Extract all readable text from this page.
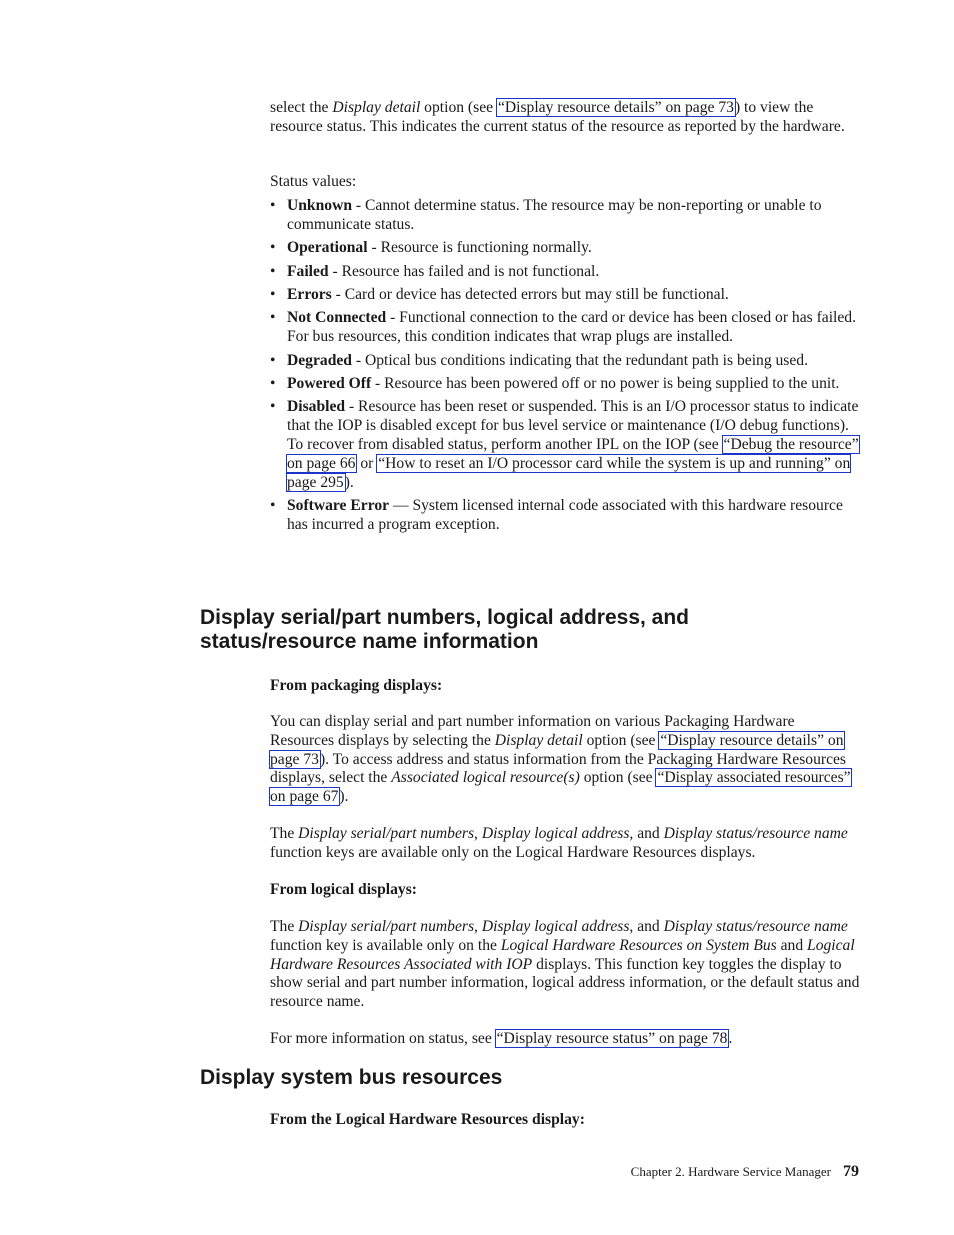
select the Display detail option (see “Display resource details” on page 73) to view the resource status. This indicates the current status of the resource as reported by the hardware.

Status values:

• Unknown - Cannot determine status. The resource may be non-reporting or unable to communicate status.
• Operational - Resource is functioning normally.
• Failed - Resource has failed and is not functional.
• Errors - Card or device has detected errors but may still be functional.
• Not Connected - Functional connection to the card or device has been closed or has failed. For bus resources, this condition indicates that wrap plugs are installed.
• Degraded - Optical bus conditions indicating that the redundant path is being used.
• Powered Off - Resource has been powered off or no power is being supplied to the unit.
• Disabled - Resource has been reset or suspended. This is an I/O processor status to indicate that the IOP is disabled except for bus level service or maintenance (I/O debug functions). To recover from disabled status, perform another IPL on the IOP (see “Debug the resource” on page 66 or “How to reset an I/O processor card while the system is up and running” on page 295).
• Software Error — System licensed internal code associated with this hardware resource has incurred a program exception.
Display serial/part numbers, logical address, and status/resource name information

From packaging displays:

You can display serial and part number information on various Packaging Hardware Resources displays by selecting the Display detail option (see “Display resource details” on page 73). To access address and status information from the Packaging Hardware Resources displays, select the Associated logical resource(s) option (see “Display associated resources” on page 67).

The Display serial/part numbers, Display logical address, and Display status/resource name function keys are available only on the Logical Hardware Resources displays.

From logical displays:

The Display serial/part numbers, Display logical address, and Display status/resource name function key is available only on the Logical Hardware Resources on System Bus and Logical Hardware Resources Associated with IOP displays. This function key toggles the display to show serial and part number information, logical address information, or the default status and resource name.

For more information on status, see “Display resource status” on page 78.

Display system bus resources

From the Logical Hardware Resources display:

Chapter 2. Hardware Service Manager 79
